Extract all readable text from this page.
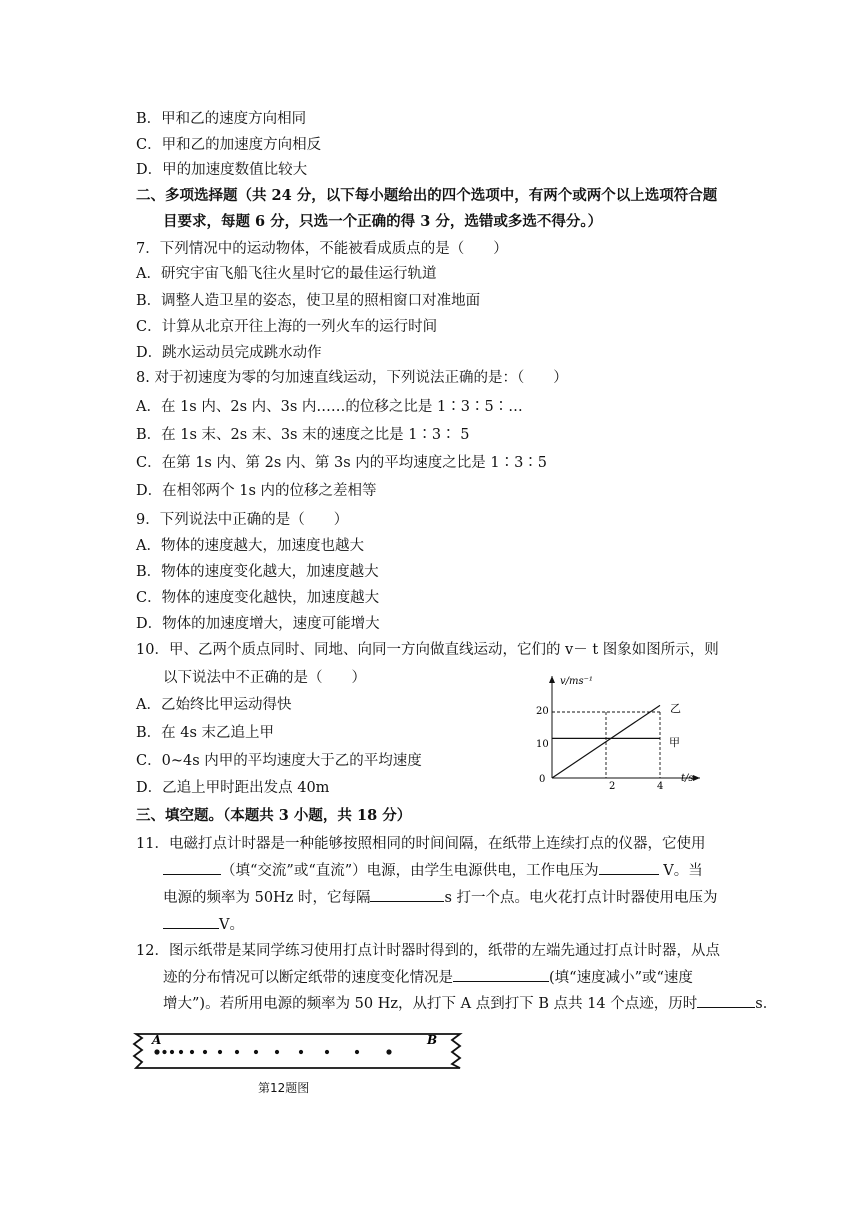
B．甲和乙的速度方向相同
C．甲和乙的加速度方向相反
D．甲的加速度数值比较大
二、多项选择题（共 24 分，以下每小题给出的四个选项中，有两个或两个以上选项符合题
目要求，每题 6 分，只选一个正确的得 3 分，选错或多选不得分。）
7．下列情况中的运动物体，不能被看成质点的是（　　）
A．研究宇宙飞船飞往火星时它的最佳运行轨道
B．调整人造卫星的姿态，使卫星的照相窗口对准地面
C．计算从北京开往上海的一列火车的运行时间
D．跳水运动员完成跳水动作
8. 对于初速度为零的匀加速直线运动，下列说法正确的是：（　　）
A．在 1s 内、2s 内、3s 内……的位移之比是 1∶3∶5∶…
B．在 1s 末、2s 末、3s 末的速度之比是 1∶3∶ 5
C．在第 1s 内、第 2s 内、第 3s 内的平均速度之比是 1∶3∶5
D．在相邻两个 1s 内的位移之差相等
9．下列说法中正确的是（　　）
A．物体的速度越大，加速度也越大
B．物体的速度变化越大，加速度越大
C．物体的速度变化越快，加速度越大
D．物体的加速度增大，速度可能增大
10．甲、乙两个质点同时、同地、向同一方向做直线运动，它们的 v－ t 图象如图所示，则
以下说法中不正确的是（　　）
A．乙始终比甲运动得快
B．在 4s 末乙追上甲
C．0~4s 内甲的平均速度大于乙的平均速度
D．乙追上甲时距出发点 40m
三、填空题。（本题共 3 小题，共 18 分）
11．电磁打点计时器是一种能够按照相同的时间间隔，在纸带上连续打点的仪器，它使用
（填“交流”或“直流”）电源，由学生电源供电，工作电压为	V。当
电源的频率为 50Hz 时，它每隔	s 打一个点。电火花打点计时器使用电压为
V。
12．图示纸带是某同学练习使用打点计时器时得到的，纸带的左端先通过打点计时器，从点
迹的分布情况可以断定纸带的速度变化情况是	(填“速度减小”或“速度
增大”)。若所用电源的频率为 50 Hz，从打下 A 点到打下 B 点共 14 个点迹，历时	s．
v/ms⁻¹
t/s
0
20
10
2	4
乙
甲
A	B
第12题图
